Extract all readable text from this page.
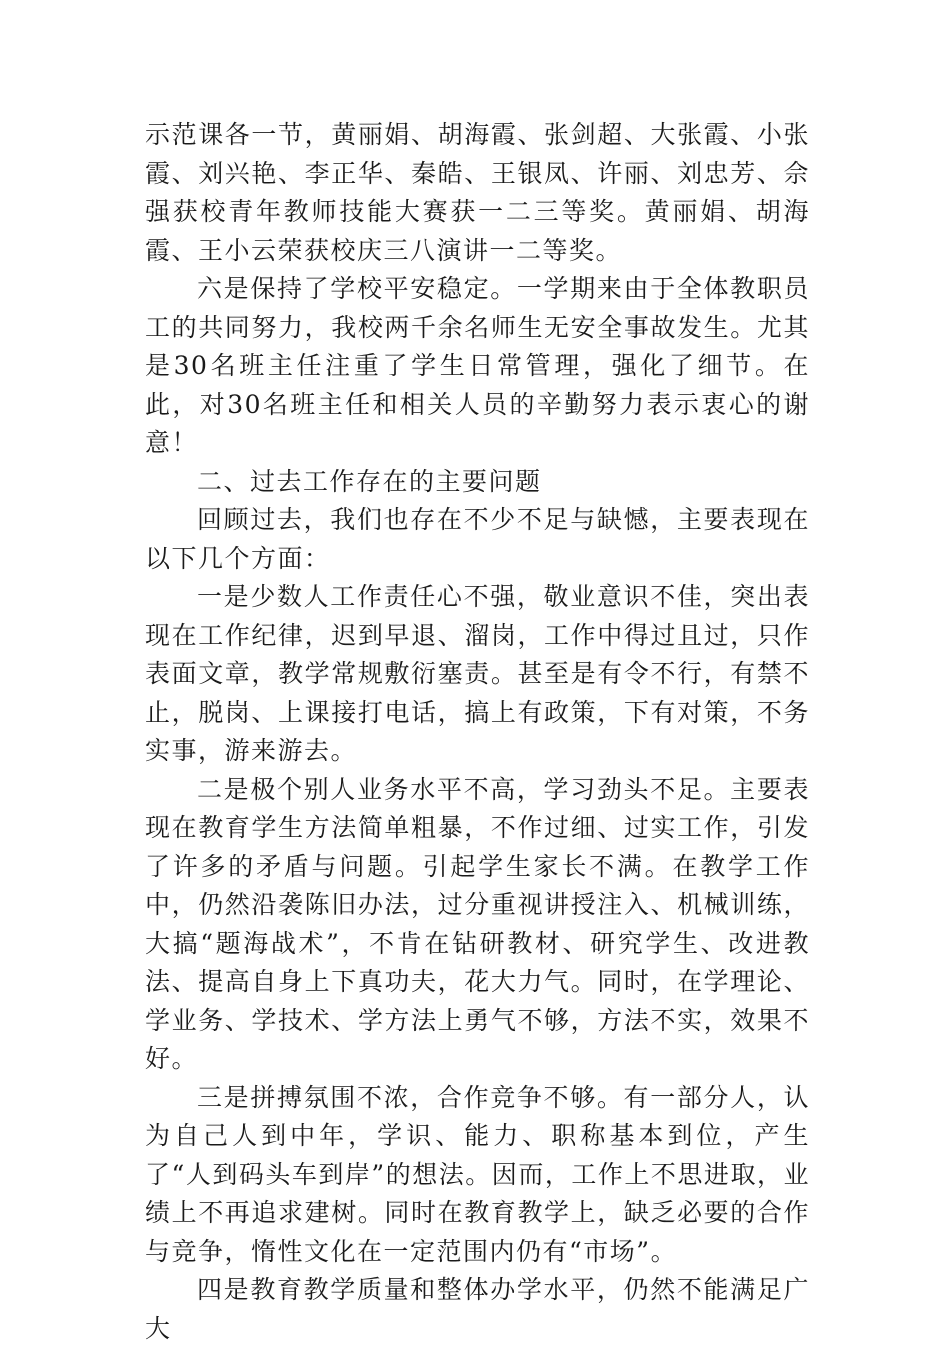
示范课各一节，黄丽娟、胡海霞、张剑超、大张霞、小张霞、刘兴艳、李正华、秦皓、王银凤、许丽、刘忠芳、佘强获校青年教师技能大赛获一二三等奖。黄丽娟、胡海霞、王小云荣获校庆三八演讲一二等奖。

六是保持了学校平安稳定。一学期来由于全体教职员工的共同努力，我校两千余名师生无安全事故发生。尤其是30名班主任注重了学生日常管理，强化了细节。在此，对30名班主任和相关人员的辛勤努力表示衷心的谢意！

二、过去工作存在的主要问题

回顾过去，我们也存在不少不足与缺憾，主要表现在以下几个方面：

一是少数人工作责任心不强，敬业意识不佳，突出表现在工作纪律，迟到早退、溜岗，工作中得过且过，只作表面文章，教学常规敷衍塞责。甚至是有令不行，有禁不止，脱岗、上课接打电话，搞上有政策，下有对策，不务实事，游来游去。

二是极个别人业务水平不高，学习劲头不足。主要表现在教育学生方法简单粗暴，不作过细、过实工作，引发了许多的矛盾与问题。引起学生家长不满。在教学工作中，仍然沿袭陈旧办法，过分重视讲授注入、机械训练，大搞“题海战术”，不肯在钻研教材、研究学生、改进教法、提高自身上下真功夫，花大力气。同时，在学理论、学业务、学技术、学方法上勇气不够，方法不实，效果不好。

三是拼搏氛围不浓，合作竞争不够。有一部分人，认为自己人到中年，学识、能力、职称基本到位，产生了“人到码头车到岸”的想法。因而，工作上不思进取，业绩上不再追求建树。同时在教育教学上，缺乏必要的合作与竞争，惰性文化在一定范围内仍有“市场”。

四是教育教学质量和整体办学水平，仍然不能满足广大
